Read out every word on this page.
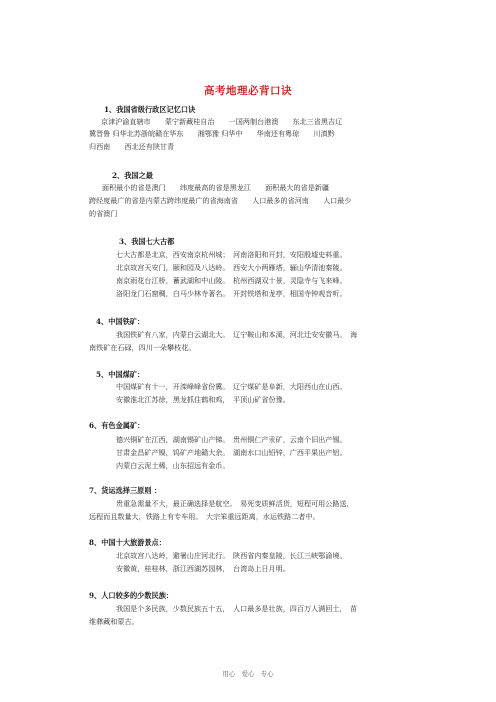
高考地理必背口诀
1、我国省级行政区记忆口诀
京津沪渝直辖市　　蒙宁新藏桂自治　　一国两制台港澳　　东北三省黑吉辽
冀晋鲁 归华北苏浙皖赣在华东　　湘鄂豫 归华中　　华南还有粤琼　　川滇黔
归西南　　西北还有陕甘青
2、我国之最
面积最小的省是澳门　　纬度最高的省是黑龙江　　面积最大的省是新疆
跨经度最广的省是内蒙古跨纬度最广的省海南省　　人口最多的省河南　　人口最少
的省澳门
3、我国七大古都
七大古都是北京，西安南京杭州城；　河南洛阳和开封，安阳殷墟史料重。
北京故宫天安门，颐和园及八达岭。　西安大小两雁塔，骊山华清池秦陵。
南京雨花台江桥，蓄武湖和中山陵。　杭州西湖双十景，灵隐寺与飞来峰。
洛阳龙门石窟稠，白马少林寺著名。　开封铁塔和龙亭，相国寺钟观音听。
4、中国铁矿：
我国铁矿有八家，内蒙白云湖北大。　辽宁鞍山和本溪，河北迁安安徽马。　海
南铁矿在石碌，四川一朵攀枝花。
5、中国煤矿：
中国煤矿有十一，开滦峰峰省份冀。　辽宁煤矿是阜新，大阳西山在山西。
安徽淮北江苏徐，黑龙抓住鹤和鸡，　平顶山矿省份豫。
6、有色金属矿：
德兴铜矿在江西，湖南锡矿山产锑。　贵州铜仁产汞矿，云南个旧出产锡。
甘肃金昌矿产镍，钨矿产地赣大余。　湖南水口山铅锌，广西平果出产铝。
内蒙白云泥土稀，山东招远有金币。
7、货运选择三原则 ：
贵重急需量不大，最正确选择是航空。　易死变质鲜活货，短程可用公路送，
远程而且数量大，铁路上有专车用。　大宗笨重远距离，水运铁路二者中。
8、中国十大旅游景点：
北京故宫八达岭，避暑山庄河北行。　陕西省内秦皇陵，长江三峡鄂渝境。
安徽黄，桂桂林，浙江西湖苏园林，　台湾岛上日月明。
9、人口较多的少数民族：
我国是个多民族，少数民族五十五，　人口最多是壮族，四百万人满回土，　苗
维彝藏和蒙古。
用心　爱心　专心
